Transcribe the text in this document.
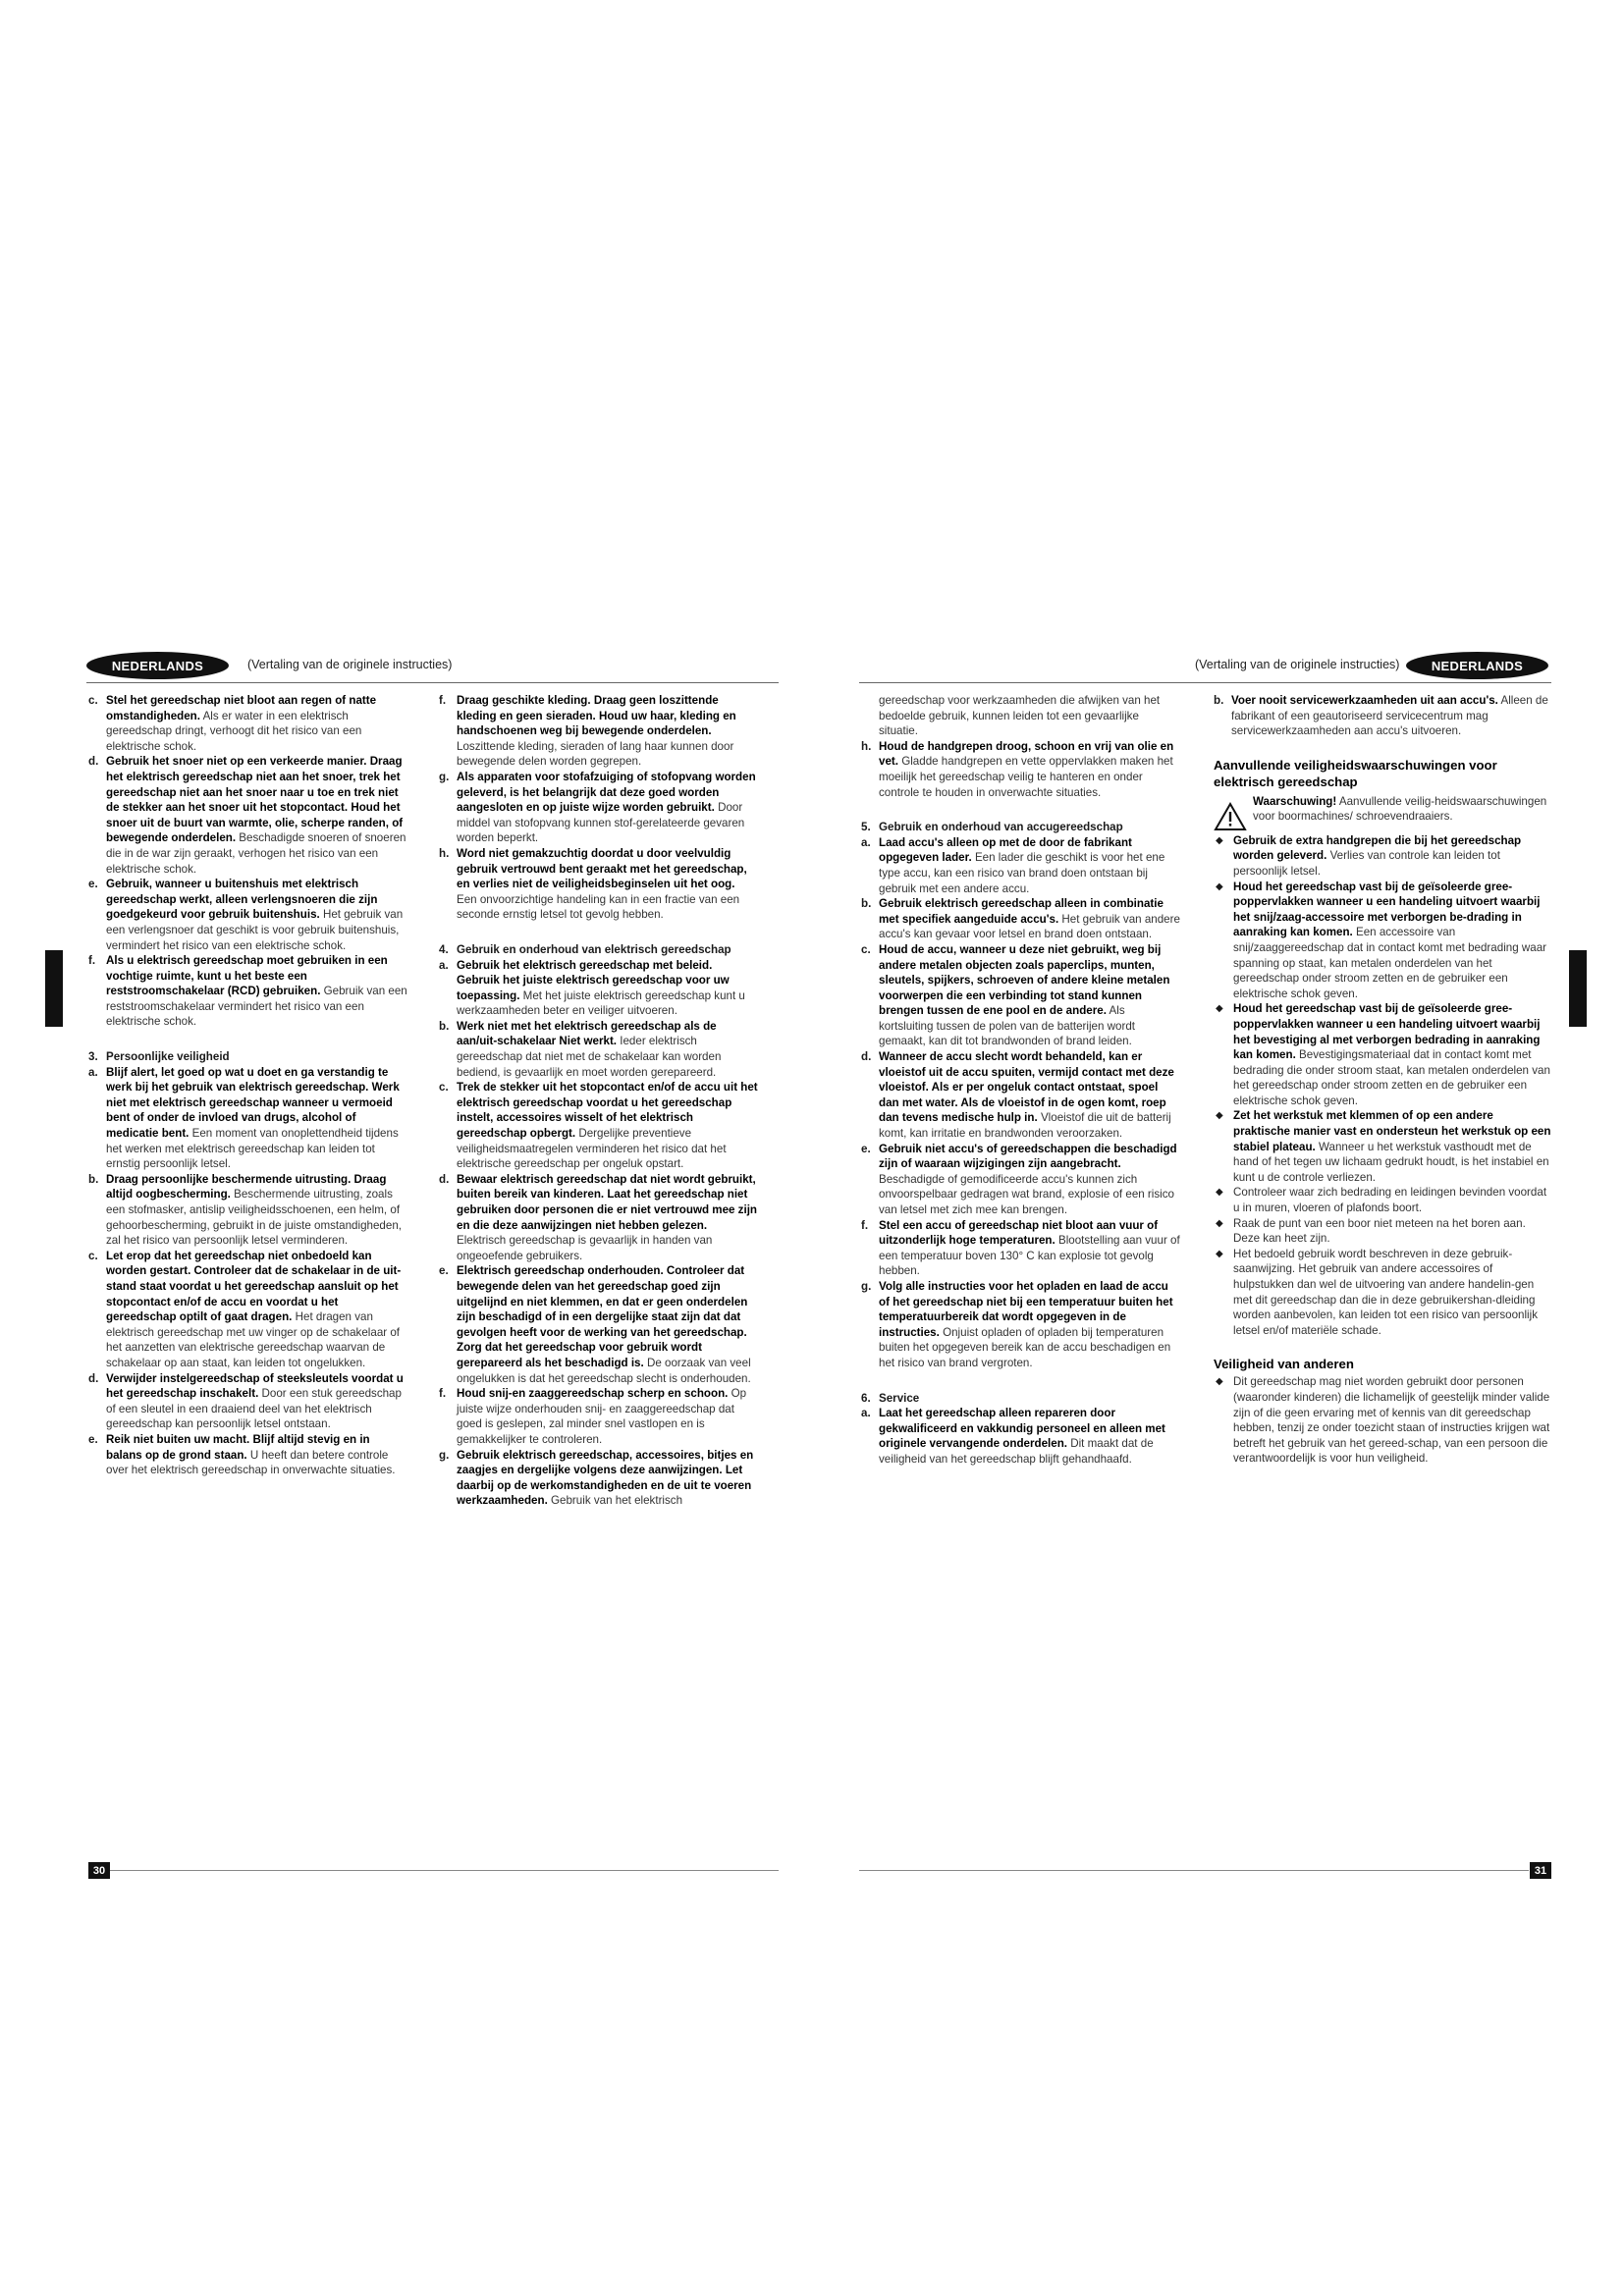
NEDERLANDS	(Vertaling van de originele instructies)	(Vertaling van de originele instructies)	NEDERLANDS
c. Stel het gereedschap niet bloot aan regen of natte omstandigheden. Als er water in een elektrisch gereedschap dringt, verhoogt dit het risico van een elektrische schok.
d. Gebruik het snoer niet op een verkeerde manier. Draag het elektrisch gereedschap niet aan het snoer, trek het gereedschap niet aan het snoer naar u toe en trek niet de stekker aan het snoer uit het stopcontact. Houd het snoer uit de buurt van warmte, olie, scherpe randen, of bewegende onderdelen. Beschadigde snoeren of snoeren die in de war zijn geraakt, verhogen het risico van een elektrische schok.
e. Gebruik, wanneer u buitenshuis met elektrisch gereedschap werkt, alleen verlengsnoeren die zijn goedgekeurd voor gebruik buitenshuis. Het gebruik van een verlengsnoer dat geschikt is voor gebruik buitenshuis, vermindert het risico van een elektrische schok.
f. Als u elektrisch gereedschap moet gebruiken in een vochtige ruimte, kunt u het beste een reststroomschakelaar (RCD) gebruiken. Gebruik van een reststroomschakelaar vermindert het risico van een elektrische schok.
3. Persoonlijke veiligheid
a. Blijf alert, let goed op wat u doet en ga verstandig te werk bij het gebruik van elektrisch gereedschap. Werk niet met elektrisch gereedschap wanneer u vermoeid bent of onder de invloed van drugs, alcohol of medicatie bent. Een moment van onoplettendheid tijdens het werken met elektrisch gereedschap kan leiden tot ernstig persoonlijk letsel.
b. Draag persoonlijke beschermende uitrusting. Draag altijd oogbescherming. Beschermende uitrusting, zoals een stofmasker, antislip veiligheidsschoenen, een helm, of gehoorbescherming, gebruikt in de juiste omstandigheden, zal het risico van persoonlijk letsel verminderen.
c. Let erop dat het gereedschap niet onbedoeld kan worden gestart. Controleer dat de schakelaar in de uit-stand staat voordat u het gereedschap aansluit op het stopcontact en/of de accu en voordat u het gereedschap optilt of gaat dragen. Het dragen van elektrisch gereedschap met uw vinger op de schakelaar of het aanzetten van elektrische gereedschap waarvan de schakelaar op aan staat, kan leiden tot ongelukken.
d. Verwijder instelgereedschap of steeksleutels voordat u het gereedschap inschakelt. Door een stuk gereedschap of een sleutel in een draaiend deel van het elektrisch gereedschap kan persoonlijk letsel ontstaan.
e. Reik niet buiten uw macht. Blijf altijd stevig en in balans op de grond staan. U heeft dan betere controle over het elektrisch gereedschap in onverwachte situaties.
f. Draag geschikte kleding. Draag geen loszittende kleding en geen sieraden. Houd uw haar, kleding en handschoenen weg bij bewegende onderdelen. Loszittende kleding, sieraden of lang haar kunnen door bewegende delen worden gegrepen.
g. Als apparaten voor stofafzuiging of stofopvang worden geleverd, is het belangrijk dat deze goed worden aangesloten en op juiste wijze worden gebruikt. Door middel van stofopvang kunnen stof-gerelateerde gevaren worden beperkt.
h. Word niet gemakzuchtig doordat u door veelvuldig gebruik vertrouwd bent geraakt met het gereedschap, en verlies niet de veiligheidsbeginselen uit het oog. Een onvoorzichtige handeling kan in een fractie van een seconde ernstig letsel tot gevolg hebben.
4. Gebruik en onderhoud van elektrisch gereedschap
a. Gebruik het elektrisch gereedschap met beleid. Gebruik het juiste elektrisch gereedschap voor uw toepassing. Met het juiste elektrisch gereedschap kunt u werkzaamheden beter en veiliger uitvoeren.
b. Werk niet met het elektrisch gereedschap als de aan/uit-schakelaar Niet werkt. Ieder elektrisch gereedschap dat niet met de schakelaar kan worden bediend, is gevaarlijk en moet worden gerepareerd.
c. Trek de stekker uit het stopcontact en/of de accu uit het elektrisch gereedschap voordat u het gereedschap instelt, accessoires wisselt of het elektrisch gereedschap opbergt. Dergelijke preventieve veiligheidsmaatregelen verminderen het risico dat het elektrische gereedschap per ongeluk opstart.
d. Bewaar elektrisch gereedschap dat niet wordt gebruikt, buiten bereik van kinderen. Laat het gereedschap niet gebruiken door personen die er niet vertrouwd mee zijn en die deze aanwijzingen niet hebben gelezen. Elektrisch gereedschap is gevaarlijk in handen van ongeoefende gebruikers.
e. Elektrisch gereedschap onderhouden. Controleer dat bewegende delen van het gereedschap goed zijn uitgelijnd en niet klemmen, en dat er geen onderdelen zijn beschadigd of in een dergelijke staat zijn dat dat gevolgen heeft voor de werking van het gereedschap. Zorg dat het gereedschap voor gebruik wordt gerepareerd als het beschadigd is. De oorzaak van veel ongelukken is dat het gereedschap slecht is onderhouden.
f. Houd snij-en zaaggereedschap scherp en schoon. Op juiste wijze onderhouden snij- en zaaggereedschap dat goed is geslepen, zal minder snel vastlopen en is gemakkelijker te controleren.
g. Gebruik elektrisch gereedschap, accessoires, bitjes en zaagjes en dergelijke volgens deze aanwijzingen. Let daarbij op de werkomstandigheden en de uit te voeren werkzaamheden. Gebruik van het elektrisch
gereedschap voor werkzaamheden die afwijken van het bedoelde gebruik, kunnen leiden tot een gevaarlijke situatie.
h. Houd de handgrepen droog, schoon en vrij van olie en vet. Gladde handgrepen en vette oppervlakken maken het moeilijk het gereedschap veilig te hanteren en onder controle te houden in onverwachte situaties.
5. Gebruik en onderhoud van accugereedschap
a. Laad accu's alleen op met de door de fabrikant opgegeven lader. Een lader die geschikt is voor het ene type accu, kan een risico van brand doen ontstaan bij gebruik met een andere accu.
b. Gebruik elektrisch gereedschap alleen in combinatie met specifiek aangeduide accu's. Het gebruik van andere accu's kan gevaar voor letsel en brand doen ontstaan.
c. Houd de accu, wanneer u deze niet gebruikt, weg bij andere metalen objecten zoals paperclips, munten, sleutels, spijkers, schroeven of andere kleine metalen voorwerpen die een verbinding tot stand kunnen brengen tussen de ene pool en de andere. Als kortsluiting tussen de polen van de batterijen wordt gemaakt, kan dit tot brandwonden of brand leiden.
d. Wanneer de accu slecht wordt behandeld, kan er vloeistof uit de accu spuiten, vermijd contact met deze vloeistof. Als er per ongeluk contact ontstaat, spoel dan met water. Als de vloeistof in de ogen komt, roep dan tevens medische hulp in. Vloeistof die uit de batterij komt, kan irritatie en brandwonden veroorzaken.
e. Gebruik niet accu's of gereedschappen die beschadigd zijn of waaraan wijzigingen zijn aangebracht. Beschadigde of gemodificeerde accu's kunnen zich onvoorspelbaar gedragen wat brand, explosie of een risico van letsel met zich mee kan brengen.
f. Stel een accu of gereedschap niet bloot aan vuur of uitzonderlijk hoge temperaturen. Blootstelling aan vuur of een temperatuur boven 130° C kan explosie tot gevolg hebben.
g. Volg alle instructies voor het opladen en laad de accu of het gereedschap niet bij een temperatuur buiten het temperatuurbereik dat wordt opgegeven in de instructies. Onjuist opladen of opladen bij temperaturen buiten het opgegeven bereik kan de accu beschadigen en het risico van brand vergroten.
6. Service
a. Laat het gereedschap alleen repareren door gekwalificeerd en vakkundig personeel en alleen met originele vervangende onderdelen. Dit maakt dat de veiligheid van het gereedschap blijft gehandhaafd.
b. Voer nooit servicewerkzaamheden uit aan accu's. Alleen de fabrikant of een geautoriseerd servicecentrum mag servicewerkzaamheden aan accu's uitvoeren.
Aanvullende veiligheidswaarschuwingen voor elektrisch gereedschap
Waarschuwing! Aanvullende veilig-heidswaarschuwingen voor boormachines/ schroevendraaiers.
◆ Gebruik de extra handgrepen die bij het gereedschap worden geleverd. Verlies van controle kan leiden tot persoonlijk letsel.
◆ Houd het gereedschap vast bij de geïsoleerde gree-poppervlakken wanneer u een handeling uitvoert waarbij het snij/zaag-accessoire met verborgen be-drading in aanraking kan komen. Een accessoire van snij/zaaggereedschap dat in contact komt met bedrading waar spanning op staat, kan metalen onderdelen van het gereedschap onder stroom zetten en de gebruiker een elektrische schok geven.
◆ Houd het gereedschap vast bij de geïsoleerde gree-poppervlakken wanneer u een handeling uitvoert waarbij het bevestiging al met verborgen bedrading in aanraking kan komen. Bevestigingsmateriaal dat in contact komt met bedrading die onder stroom staat, kan metalen onderdelen van het gereedschap onder stroom zetten en de gebruiker een elektrische schok geven.
◆ Zet het werkstuk met klemmen of op een andere praktische manier vast en ondersteun het werkstuk op een stabiel plateau. Wanneer u het werkstuk vasthoudt met de hand of het tegen uw lichaam gedrukt houdt, is het instabiel en kunt u de controle verliezen.
◆ Controleer waar zich bedrading en leidingen bevinden voordat u in muren, vloeren of plafonds boort.
◆ Raak de punt van een boor niet meteen na het boren aan. Deze kan heet zijn.
◆ Het bedoeld gebruik wordt beschreven in deze gebruik-saanwijzing. Het gebruik van andere accessoires of hulpstukken dan wel de uitvoering van andere handelin-gen met dit gereedschap dan die in deze gebruikershan-dleiding worden aanbevolen, kan leiden tot een risico van persoonlijk letsel en/of materiële schade.
Veiligheid van anderen
◆ Dit gereedschap mag niet worden gebruikt door personen (waaronder kinderen) die lichamelijk of geestelijk minder valide zijn of die geen ervaring met of kennis van dit gereedschap hebben, tenzij ze onder toezicht staan of instructies krijgen wat betreft het gebruik van het gereed-schap, van een persoon die verantwoordelijk is voor hun veiligheid.
30	31
